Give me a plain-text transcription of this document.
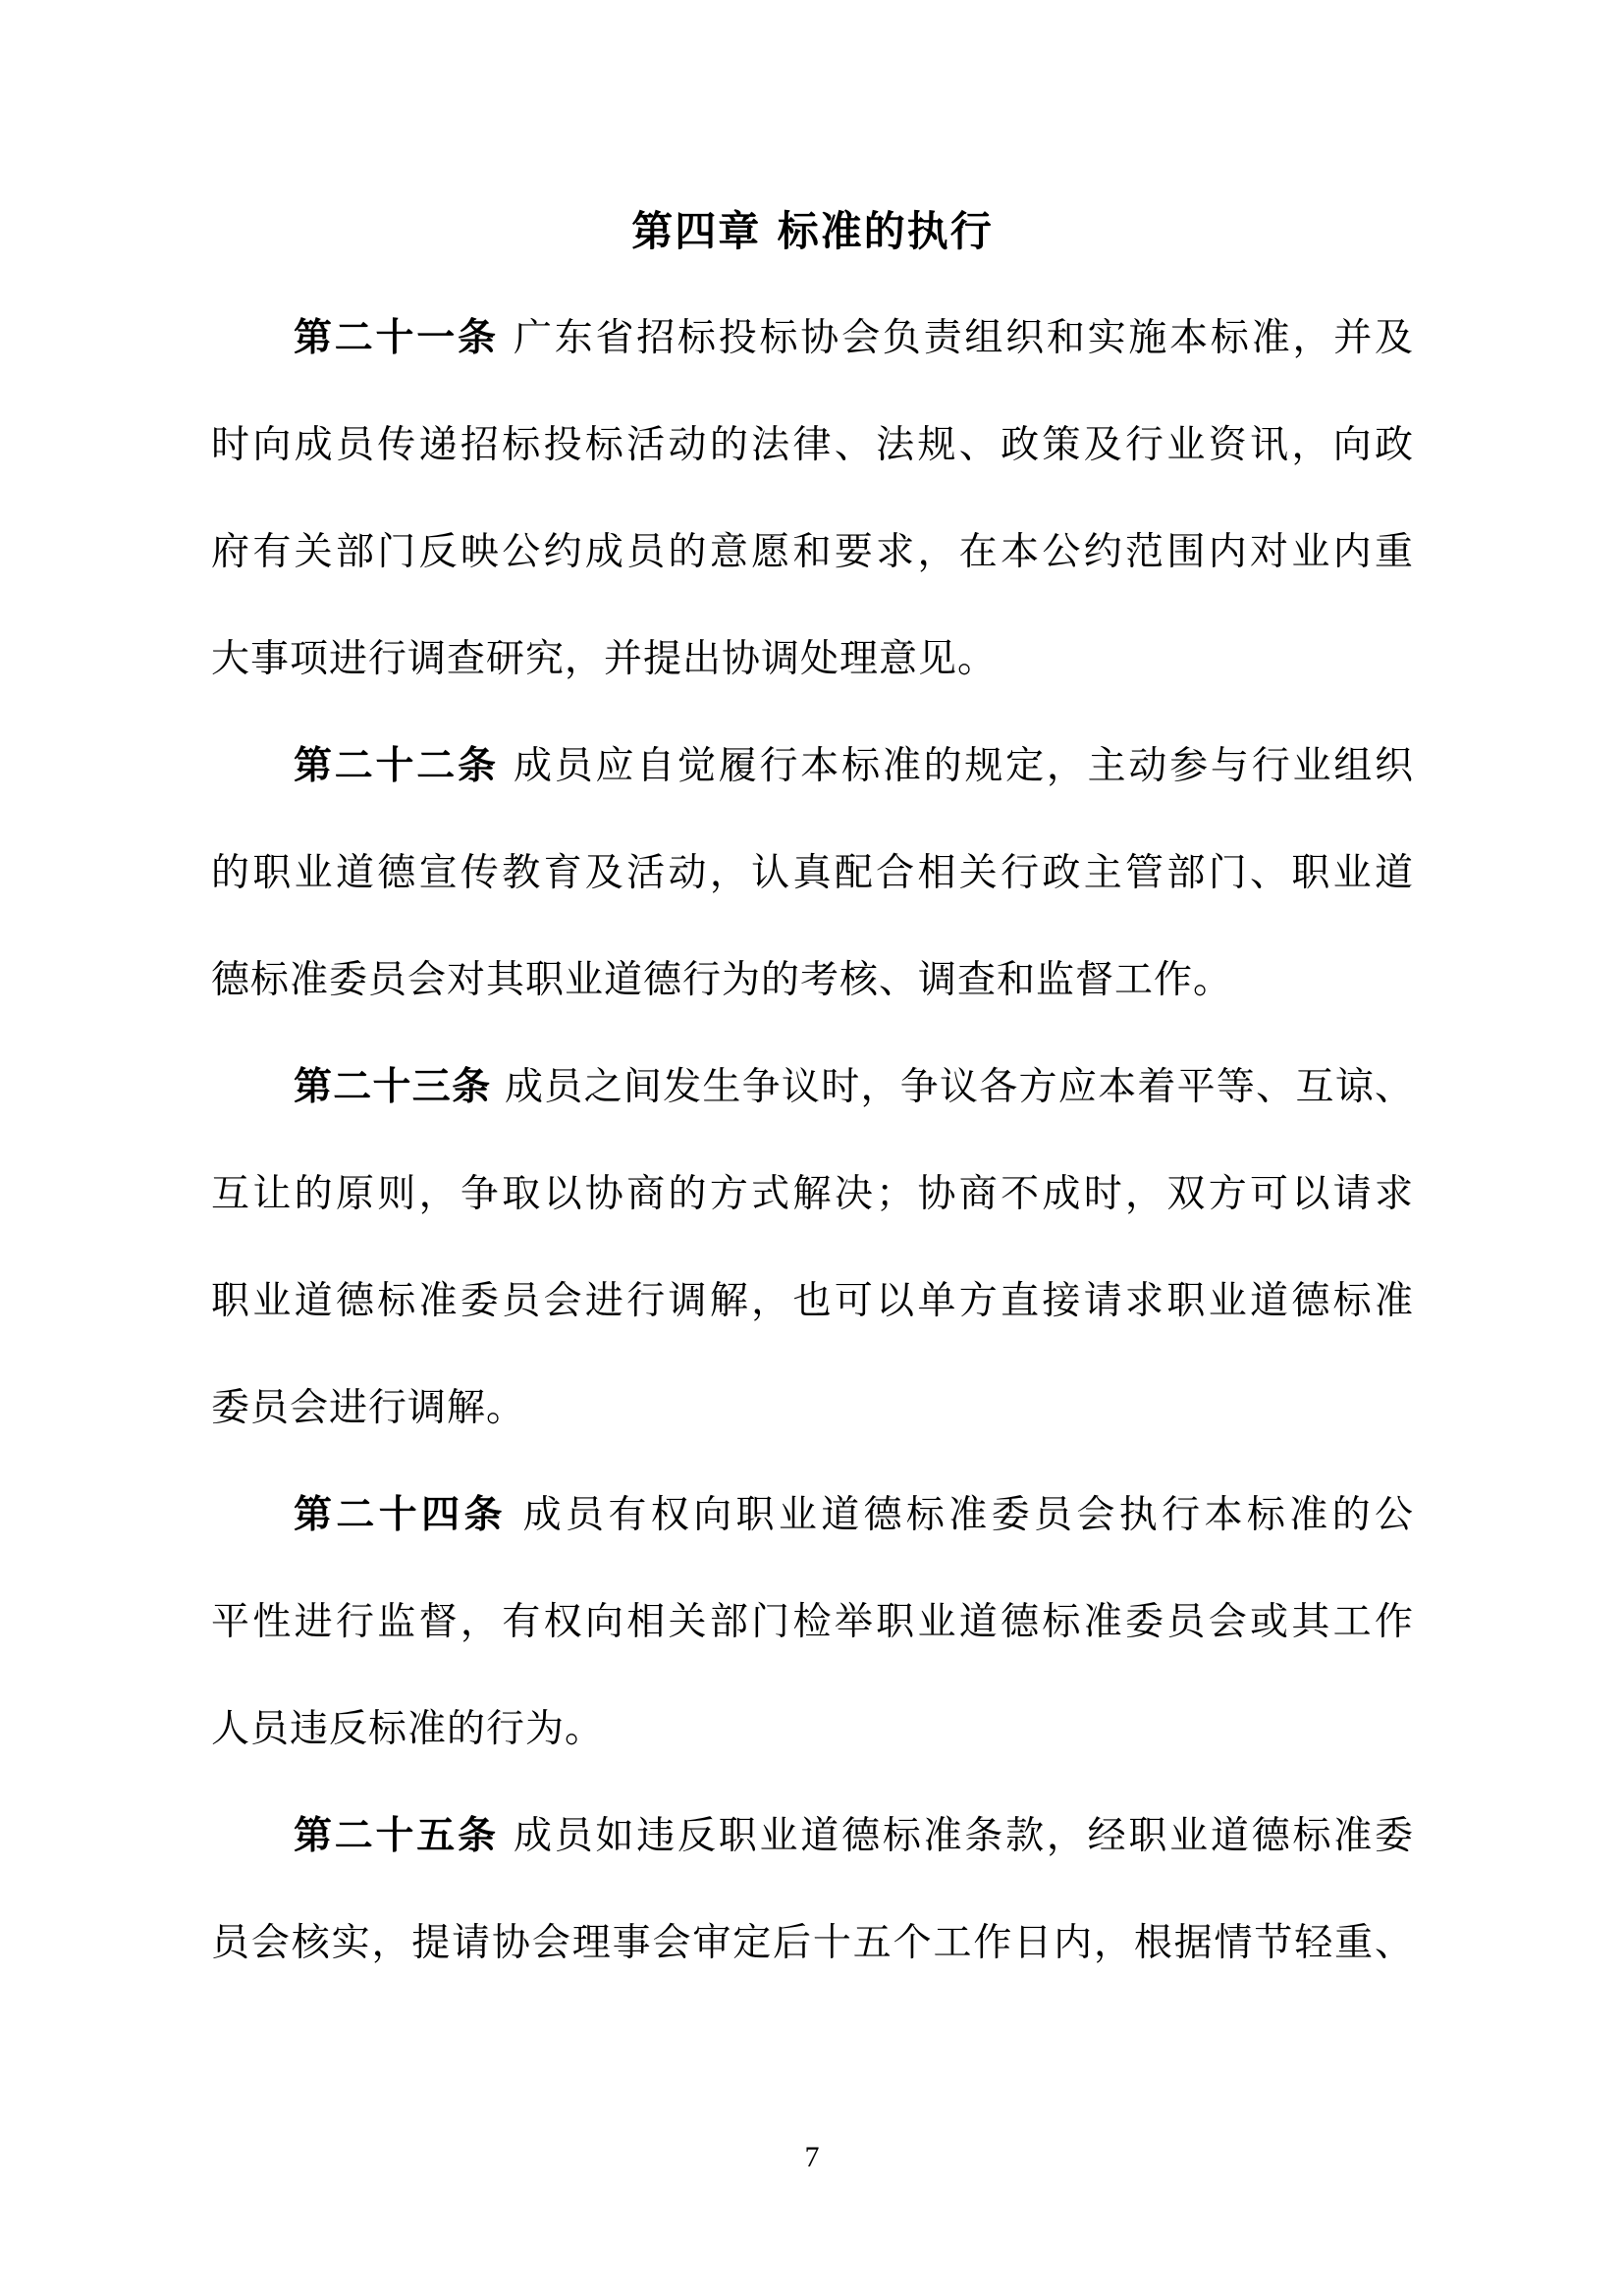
第四章 标准的执行

第二十一条 广东省招标投标协会负责组织和实施本标准，并及

时向成员传递招标投标活动的法律、法规、政策及行业资讯，向政

府有关部门反映公约成员的意愿和要求，在本公约范围内对业内重

大事项进行调查研究，并提出协调处理意见。

第二十二条 成员应自觉履行本标准的规定，主动参与行业组织

的职业道德宣传教育及活动，认真配合相关行政主管部门、职业道

德标准委员会对其职业道德行为的考核、调查和监督工作。

第二十三条 成员之间发生争议时，争议各方应本着平等、互谅、

互让的原则，争取以协商的方式解决；协商不成时，双方可以请求

职业道德标准委员会进行调解，也可以单方直接请求职业道德标准

委员会进行调解。

第二十四条 成员有权向职业道德标准委员会执行本标准的公

平性进行监督，有权向相关部门检举职业道德标准委员会或其工作

人员违反标准的行为。

第二十五条 成员如违反职业道德标准条款，经职业道德标准委

员会核实，提请协会理事会审定后十五个工作日内，根据情节轻重、

7
